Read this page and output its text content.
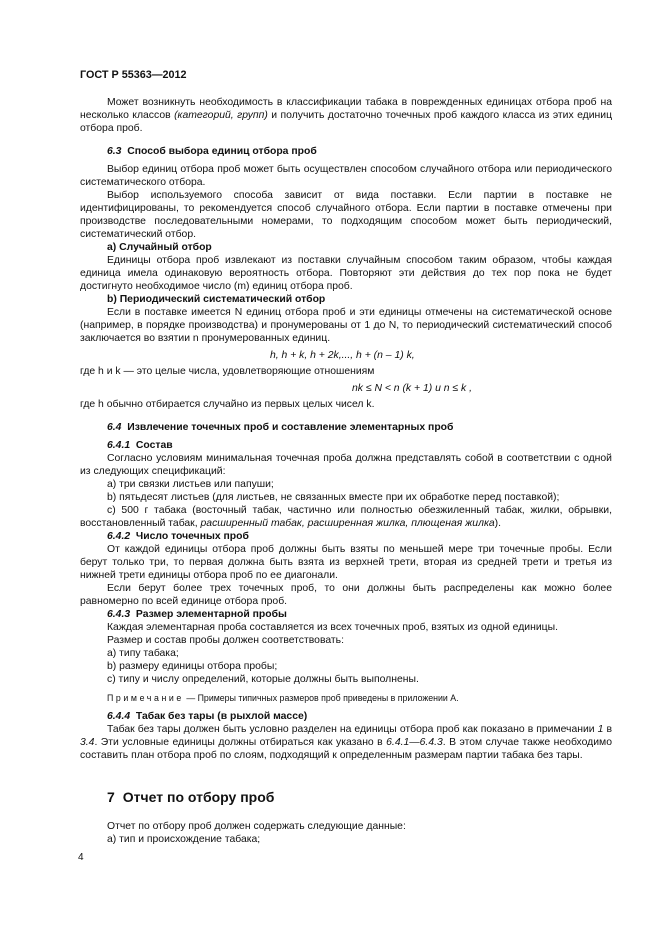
ГОСТ Р 55363—2012

Может возникнуть необходимость в классификации табака в поврежденных единицах отбора проб на несколько классов (категорий, групп) и получить достаточно точечных проб каждого класса из этих единиц отбора проб.

6.3 Способ выбора единиц отбора проб

Выбор единиц отбора проб может быть осуществлен способом случайного отбора или периодического систематического отбора.

Выбор используемого способа зависит от вида поставки. Если партии в поставке не идентифицированы, то рекомендуется способ случайного отбора. Если партии в поставке отмечены при производстве последовательными номерами, то подходящим способом может быть периодический, систематический отбор.

а) Случайный отбор

Единицы отбора проб извлекают из поставки случайным способом таким образом, чтобы каждая единица имела одинаковую вероятность отбора. Повторяют эти действия до тех пор пока не будет достигнуто необходимое число (m) единиц отбора проб.

b) Периодический систематический отбор

Если в поставке имеется N единиц отбора проб и эти единицы отмечены на систематической основе (например, в порядке производства) и пронумерованы от 1 до N, то периодический систематический способ заключается во взятии n пронумерованных единиц.

h, h + k, h + 2k,..., h + (n – 1) k,

где h и k — это целые числа, удовлетворяющие отношениям

nk ≤ N < n (k + 1) и n ≤ k ,

где h обычно отбирается случайно из первых целых чисел k.

6.4 Извлечение точечных проб и составление элементарных проб
6.4.1 Состав

Согласно условиям минимальная точечная проба должна представлять собой в соответствии с одной из следующих спецификаций:

a) три связки листьев или папуши;

b) пятьдесят листьев (для листьев, не связанных вместе при их обработке перед поставкой);

c) 500 г табака (восточный табак, частично или полностью обезжиленный табак, жилки, обрывки, восстановленный табак, расширенный табак, расширенная жилка, плющеная жилка).

6.4.2 Число точечных проб

От каждой единицы отбора проб должны быть взяты по меньшей мере три точечные пробы. Если берут только три, то первая должна быть взята из верхней трети, вторая из средней трети и третья из нижней трети единицы отбора проб по ее диагонали.

Если берут более трех точечных проб, то они должны быть распределены как можно более равномерно по всей единице отбора проб.

6.4.3 Размер элементарной пробы

Каждая элементарная проба составляется из всех точечных проб, взятых из одной единицы.

Размер и состав пробы должен соответствовать:

a) типу табака;

b) размеру единицы отбора пробы;

c) типу и числу определений, которые должны быть выполнены.

Примечание — Примеры типичных размеров проб приведены в приложении А.

6.4.4 Табак без тары (в рыхлой массе)

Табак без тары должен быть условно разделен на единицы отбора проб как показано в примечании 1 в 3.4. Эти условные единицы должны отбираться как указано в 6.4.1—6.4.3. В этом случае также необходимо составить план отбора проб по слоям, подходящий к определенным размерам партии табака без тары.

7 Отчет по отбору проб

Отчет по отбору проб должен содержать следующие данные:

a) тип и происхождение табака;

4
